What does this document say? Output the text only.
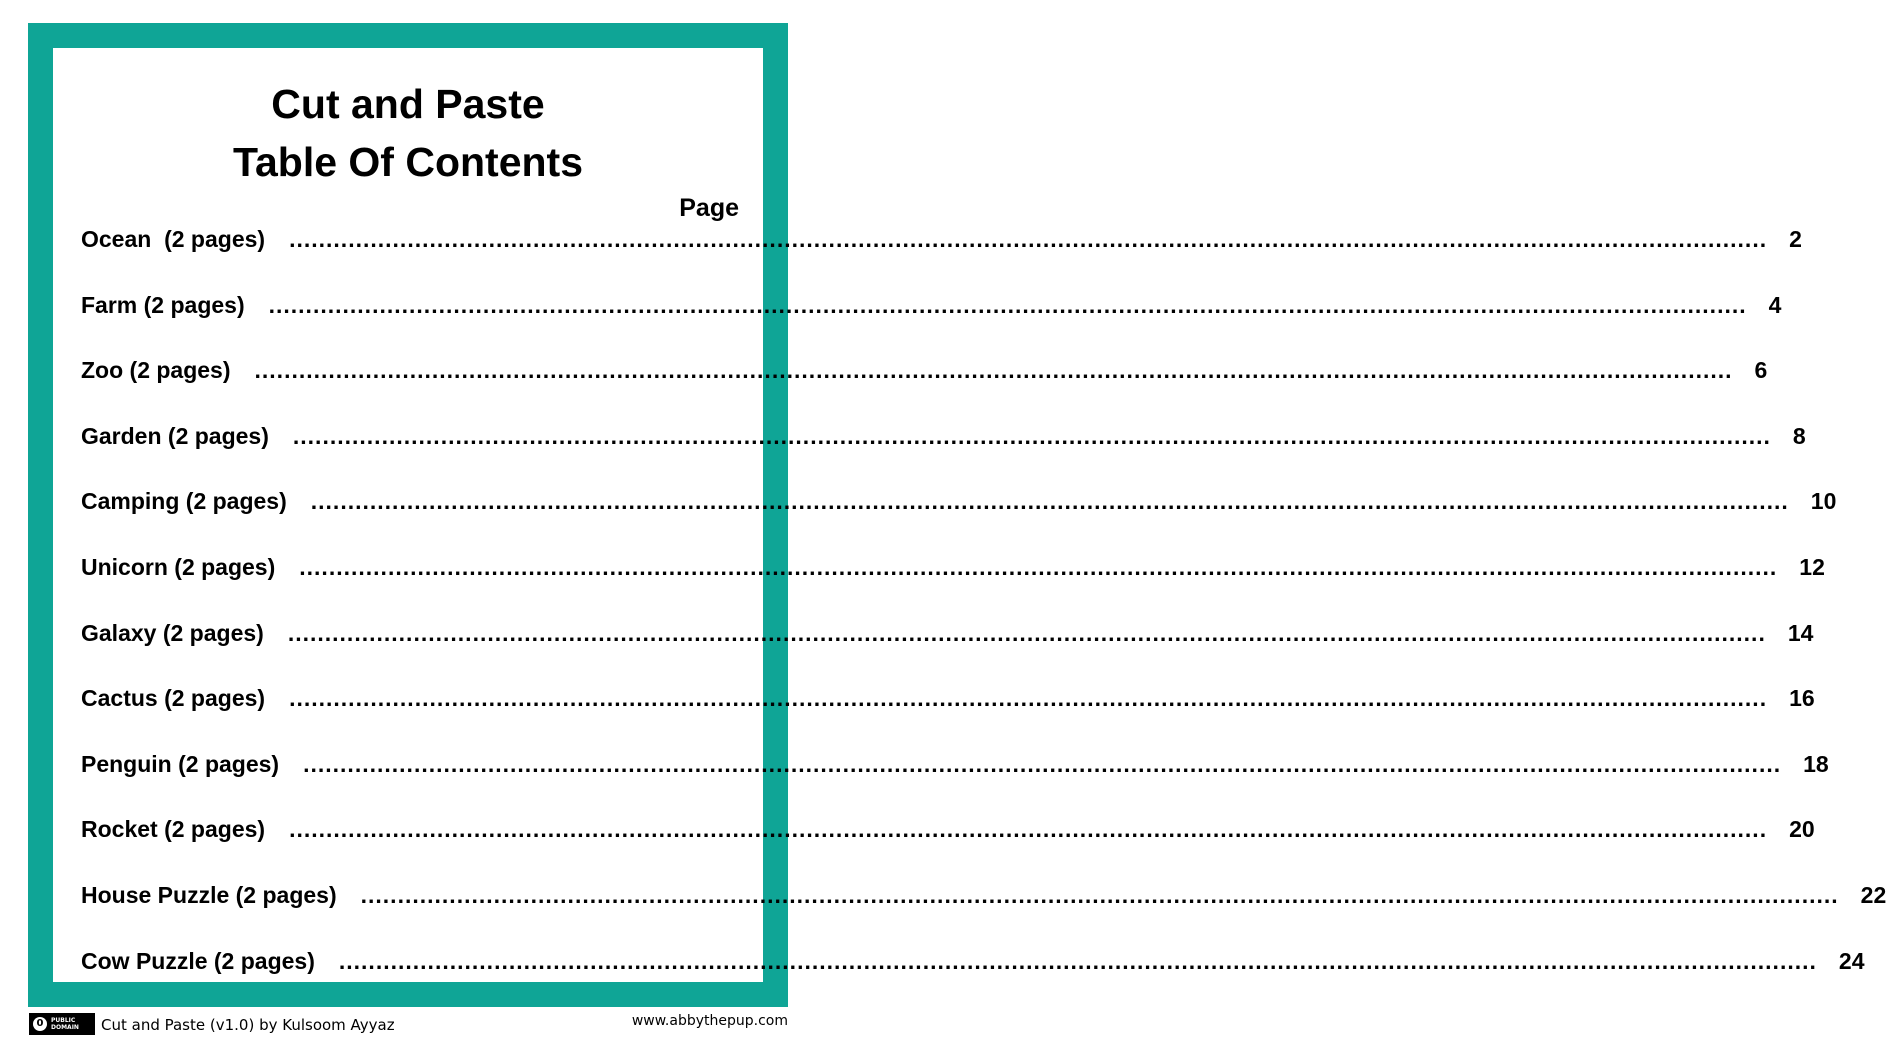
Cut and Paste
Table Of Contents
Page
Ocean  (2 pages) ........................................................................................................................................................................................................ 2
Farm (2 pages) ........................................................................................................................................................................................................ 4
Zoo (2 pages) ........................................................................................................................................................................................................ 6
Garden (2 pages) ........................................................................................................................................................................................................ 8
Camping (2 pages) ........................................................................................................................................................................................................ 10
Unicorn (2 pages) ........................................................................................................................................................................................................ 12
Galaxy (2 pages) ........................................................................................................................................................................................................ 14
Cactus (2 pages) ........................................................................................................................................................................................................ 16
Penguin (2 pages) ........................................................................................................................................................................................................ 18
Rocket (2 pages) ........................................................................................................................................................................................................ 20
House Puzzle (2 pages) ........................................................................................................................................................................................................ 22
Cow Puzzle (2 pages) ........................................................................................................................................................................................................ 24
0	PUBLIC
DOMAIN Cut and Paste (v1.0) by Kulsoom Ayyaz	www.abbythepup.com
